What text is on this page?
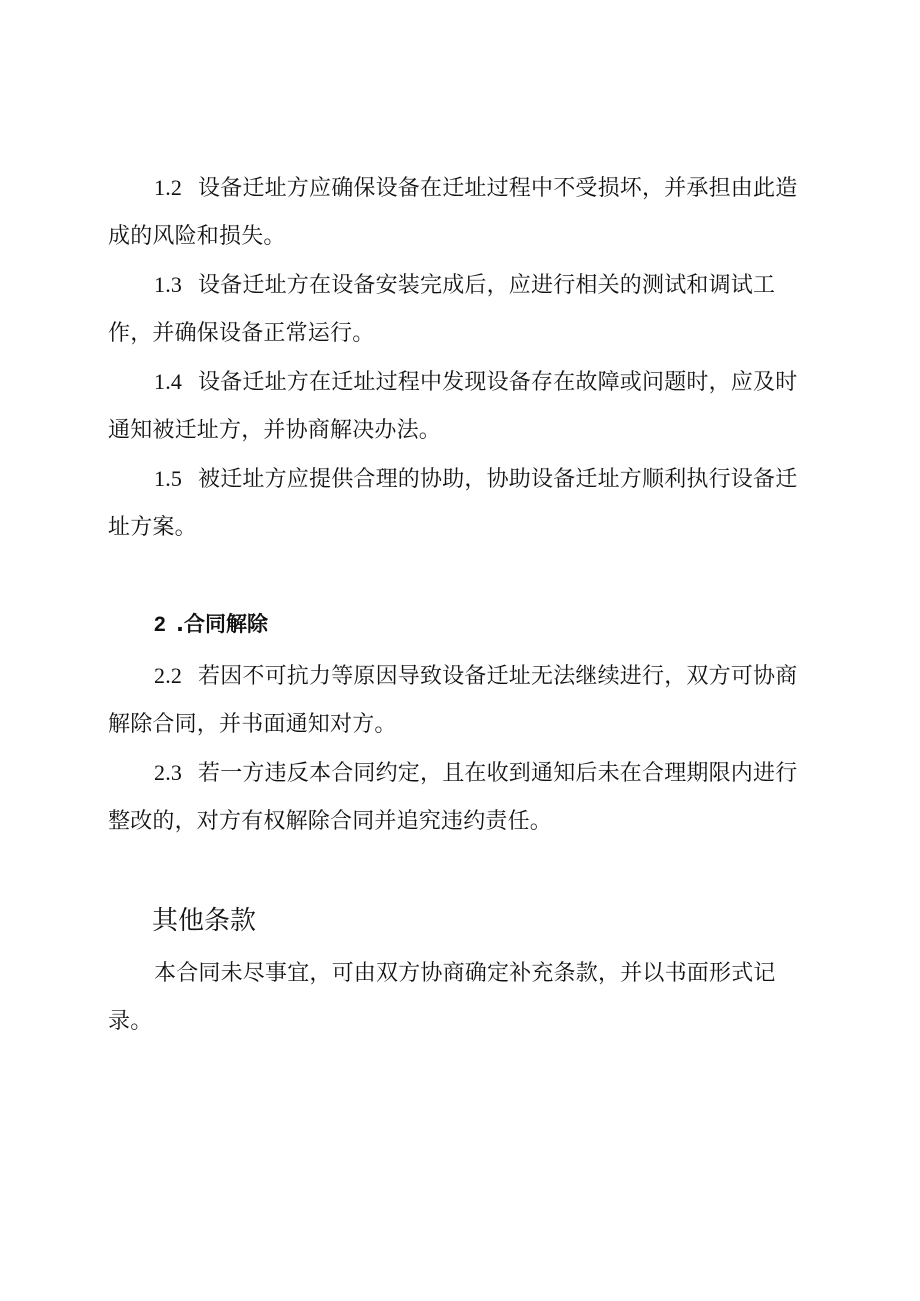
1.2 设备迁址方应确保设备在迁址过程中不受损坏，并承担由此造成的风险和损失。

1.3 设备迁址方在设备安装完成后，应进行相关的测试和调试工作，并确保设备正常运行。

1.4 设备迁址方在迁址过程中发现设备存在故障或问题时，应及时通知被迁址方，并协商解决办法。

1.5 被迁址方应提供合理的协助，协助设备迁址方顺利执行设备迁址方案。

2 .合同解除

2.2 若因不可抗力等原因导致设备迁址无法继续进行，双方可协商解除合同，并书面通知对方。

2.3 若一方违反本合同约定，且在收到通知后未在合理期限内进行整改的，对方有权解除合同并追究违约责任。

其他条款

本合同未尽事宜，可由双方协商确定补充条款，并以书面形式记录。
